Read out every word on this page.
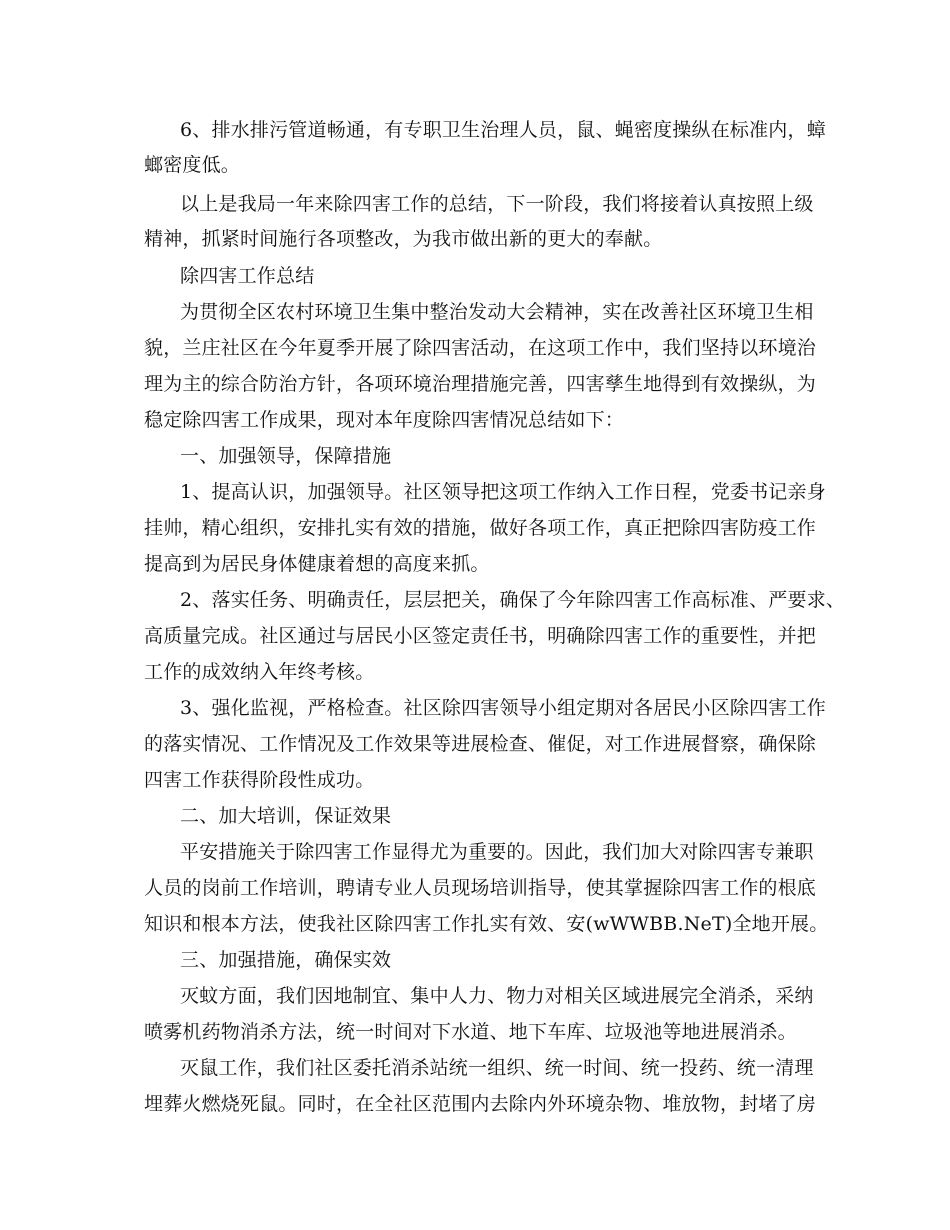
6、排水排污管道畅通，有专职卫生治理人员，鼠、蝇密度操纵在标准内，蟑
螂密度低。
以上是我局一年来除四害工作的总结，下一阶段，我们将接着认真按照上级
精神，抓紧时间施行各项整改，为我市做出新的更大的奉献。
除四害工作总结
为贯彻全区农村环境卫生集中整治发动大会精神，实在改善社区环境卫生相
貌，兰庄社区在今年夏季开展了除四害活动，在这项工作中，我们坚持以环境治
理为主的综合防治方针，各项环境治理措施完善，四害孳生地得到有效操纵，为
稳定除四害工作成果，现对本年度除四害情况总结如下：
一、加强领导，保障措施
1、提高认识，加强领导。社区领导把这项工作纳入工作日程，党委书记亲身
挂帅，精心组织，安排扎实有效的措施，做好各项工作，真正把除四害防疫工作
提高到为居民身体健康着想的高度来抓。
2、落实任务、明确责任，层层把关，确保了今年除四害工作高标准、严要求、
高质量完成。社区通过与居民小区签定责任书，明确除四害工作的重要性，并把
工作的成效纳入年终考核。
3、强化监视，严格检查。社区除四害领导小组定期对各居民小区除四害工作
的落实情况、工作情况及工作效果等进展检查、催促，对工作进展督察，确保除
四害工作获得阶段性成功。
二、加大培训，保证效果
平安措施关于除四害工作显得尤为重要的。因此，我们加大对除四害专兼职
人员的岗前工作培训，聘请专业人员现场培训指导，使其掌握除四害工作的根底
知识和根本方法，使我社区除四害工作扎实有效、安(wWWBB.NeT)全地开展。
三、加强措施，确保实效
灭蚊方面，我们因地制宜、集中人力、物力对相关区域进展完全消杀，采纳
喷雾机药物消杀方法，统一时间对下水道、地下车库、垃圾池等地进展消杀。
灭鼠工作，我们社区委托消杀站统一组织、统一时间、统一投药、统一清理
埋葬火燃烧死鼠。同时，在全社区范围内去除内外环境杂物、堆放物，封堵了房
